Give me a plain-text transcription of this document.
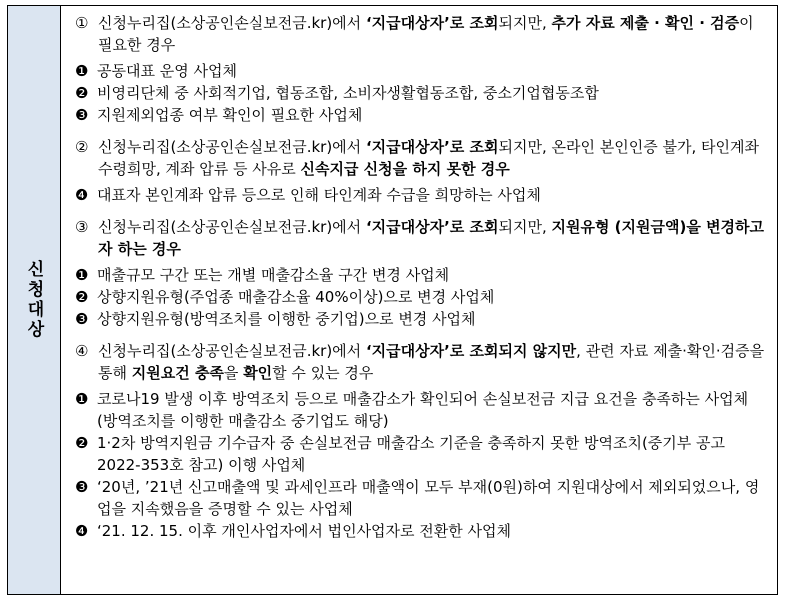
신청대상
① 신청누리집(소상공인손실보전금.kr)에서 ‘지급대상자’로 조회되지만, 추가 자료 제출 · 확인 · 검증이 필요한 경우
❶ 공동대표 운영 사업체
❷ 비영리단체 중 사회적기업, 협동조합, 소비자생활협동조합, 중소기업협동조합
❸ 지원제외업종 여부 확인이 필요한 사업체
② 신청누리집(소상공인손실보전금.kr)에서 ‘지급대상자’로 조회되지만, 온라인 본인인증 불가, 타인계좌 수령희망, 계좌 압류 등 사유로 신속지급 신청을 하지 못한 경우
❹ 대표자 본인계좌 압류 등으로 인해 타인계좌 수급을 희망하는 사업체
③ 신청누리집(소상공인손실보전금.kr)에서 ‘지급대상자’로 조회되지만, 지원유형 (지원금액)을 변경하고자 하는 경우
❶ 매출규모 구간 또는 개별 매출감소율 구간 변경 사업체
❷ 상향지원유형(주업종 매출감소율 40%이상)으로 변경 사업체
❸ 상향지원유형(방역조치를 이행한 중기업)으로 변경 사업체
④ 신청누리집(소상공인손실보전금.kr)에서 ‘지급대상자’로 조회되지 않지만, 관련 자료 제출·확인·검증을 통해 지원요건 충족을 확인할 수 있는 경우
❶ 코로나19 발생 이후 방역조치 등으로 매출감소가 확인되어 손실보전금 지급 요건을 충족하는 사업체 (방역조치를 이행한 매출감소 중기업도 해당)
❷ 1·2차 방역지원금 기수급자 중 손실보전금 매출감소 기준을 충족하지 못한 방역조치(중기부 공고 2022-353호 참고) 이행 사업체
❸ ‘20년, ’21년 신고매출액 및 과세인프라 매출액이 모두 부재(0원)하여 지원대상에서 제외되었으나, 영업을 지속했음을 증명할 수 있는 사업체
❹ ‘21. 12. 15. 이후 개인사업자에서 법인사업자로 전환한 사업체
